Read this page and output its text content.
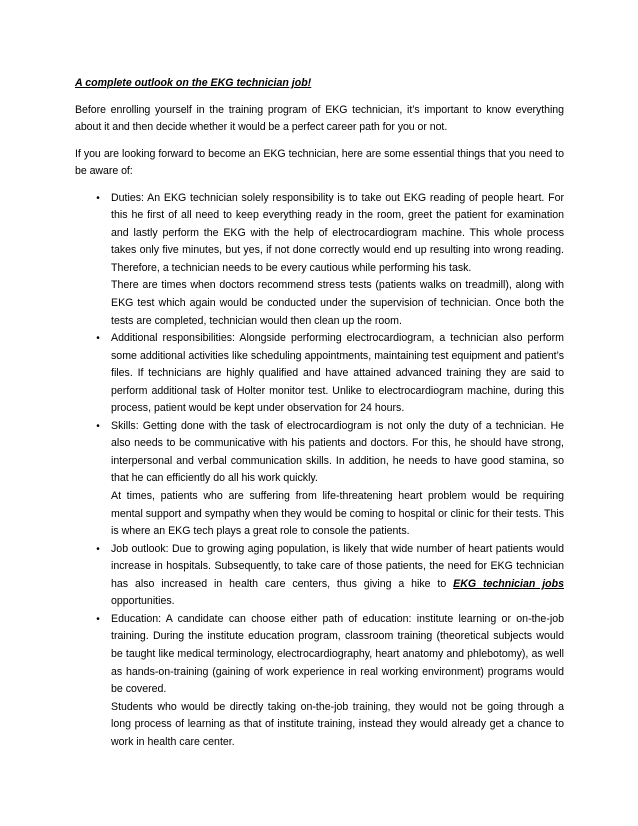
A complete outlook on the EKG technician job!

Before enrolling yourself in the training program of EKG technician, it’s important to know everything about it and then decide whether it would be a perfect career path for you or not.

If you are looking forward to become an EKG technician, here are some essential things that you need to be aware of:

•	Duties: An EKG technician solely responsibility is to take out EKG reading of people heart. For this he first of all need to keep everything ready in the room, greet the patient for examination and lastly perform the EKG with the help of electrocardiogram machine. This whole process takes only five minutes, but yes, if not done correctly would end up resulting into wrong reading. Therefore, a technician needs to be every cautious while performing his task.
There are times when doctors recommend stress tests (patients walks on treadmill), along with EKG test which again would be conducted under the supervision of technician. Once both the tests are completed, technician would then clean up the room.
•	Additional responsibilities: Alongside performing electrocardiogram, a technician also perform some additional activities like scheduling appointments, maintaining test equipment and patient’s files. If technicians are highly qualified and have attained advanced training they are said to perform additional task of Holter monitor test. Unlike to electrocardiogram machine, during this process, patient would be kept under observation for 24 hours.
•	Skills: Getting done with the task of electrocardiogram is not only the duty of a technician. He also needs to be communicative with his patients and doctors. For this, he should have strong, interpersonal and verbal communication skills. In addition, he needs to have good stamina, so that he can efficiently do all his work quickly.
At times, patients who are suffering from life-threatening heart problem would be requiring mental support and sympathy when they would be coming to hospital or clinic for their tests. This is where an EKG tech plays a great role to console the patients.
•	Job outlook: Due to growing aging population, is likely that wide number of heart patients would increase in hospitals. Subsequently, to take care of those patients, the need for EKG technician has also increased in health care centers, thus giving a hike to EKG technician jobs opportunities.
•	Education: A candidate can choose either path of education: institute learning or on-the-job training. During the institute education program, classroom training (theoretical subjects would be taught like medical terminology, electrocardiography, heart anatomy and phlebotomy), as well as hands-on-training (gaining of work experience in real working environment) programs would be covered.
Students who would be directly taking on-the-job training, they would not be going through a long process of learning as that of institute training, instead they would already get a chance to work in health care center.
